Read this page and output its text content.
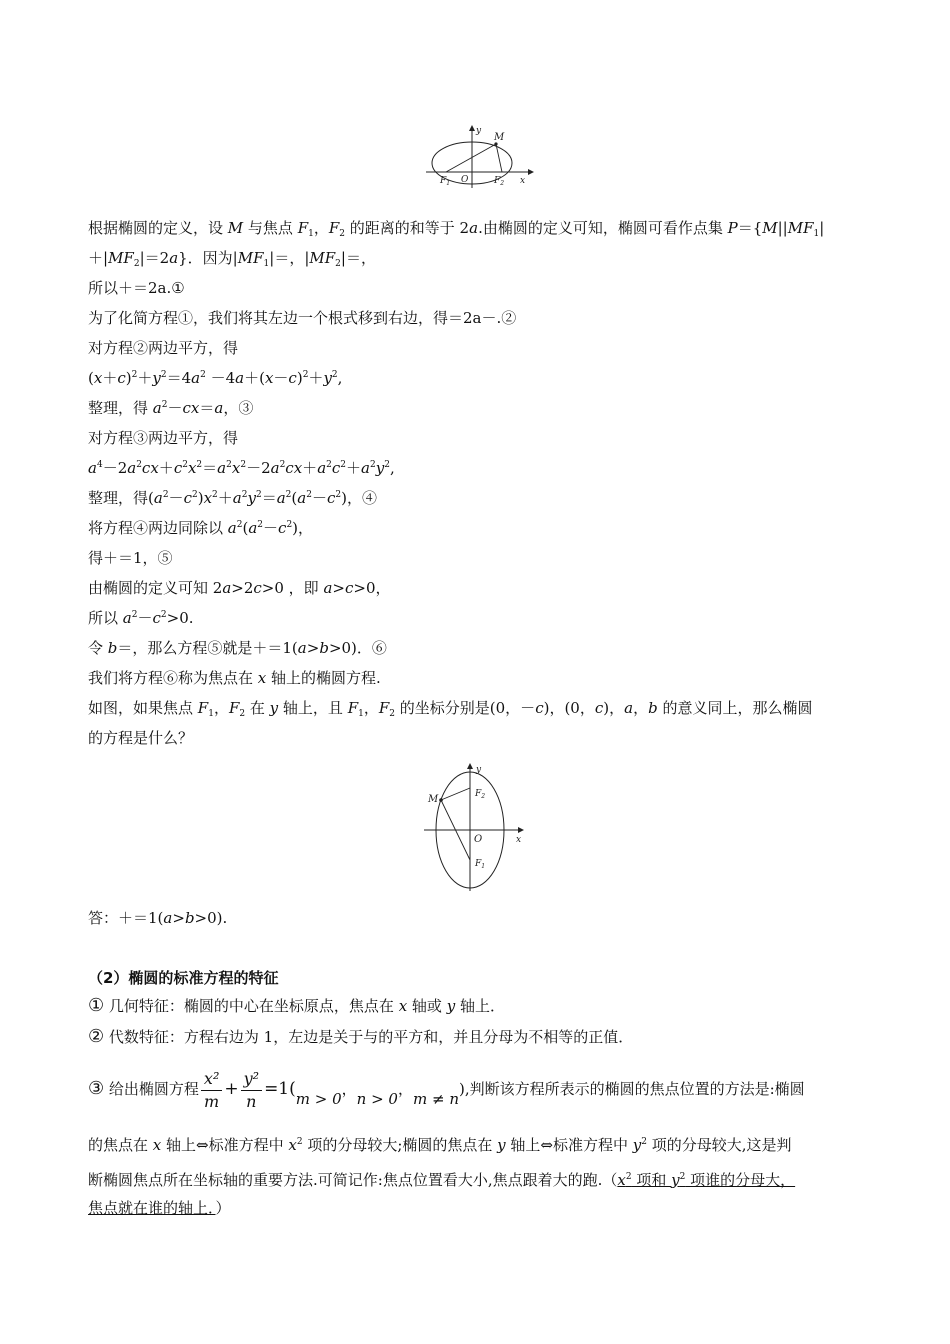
y
M
$F_1$ O	$F_2$ x
根据椭圆的定义，设 M 与焦点 $F_1$，$F_2$ 的距离的和等于 2a.由椭圆的定义可知，椭圆可看作点集 $P=\{M||MF_1|$
$+|MF_2|=2a$}．因为$|MF_1|=$，$|MF_2|=$，
所以＋＝2a.①
为了化简方程①，我们将其左边一个根式移到右边，得＝2a－.②
对方程②两边平方，得
$(x+c)^2+y^2=4a^2 -4a+(x-c)^2+y^2$,
整理，得 $a^2-cx=a$，③
对方程③两边平方，得
$a^4-2a^2cx+c^2x^2=a^2x^2-2a^2cx+a^2c^2+a^2y^2$,
整理，得$(a^2-c^2)x^2+a^2y^2=a^2(a^2-c^2)$，④
将方程④两边同除以 $a^2(a^2-c^2)$，
得＋＝1，⑤
由椭圆的定义可知 2a>2c>0 ，即 a>c>0，
所以 $a^2-c^2>0$.
令 b＝，那么方程⑤就是＋＝1(a>b>0)．⑥
我们将方程⑥称为焦点在 x 轴上的椭圆方程.
如图，如果焦点 $F_1$，$F_2$ 在 y 轴上，且 $F_1$，$F_2$ 的坐标分别是(0，－c)，(0，c)，a，b 的意义同上，那么椭圆
的方程是什么？
y
M	$F_2$
O	x
$F_1$
答：＋＝1(a>b>0).
（2）椭圆的标准方程的特征
① 几何特征：椭圆的中心在坐标原点，焦点在 x 轴或 y 轴上．
② 代数特征：方程右边为 1，左边是关于与的平方和，并且分母为不相等的正值．
③ 给出椭圆方程 $\frac{\text{x²}}{m} + \frac{\text{y²}}{n} =1(m > 0$，n > 0，m ≠ n),判断该方程所表示的椭圆的焦点位置的方法是:椭圆
的焦点在 x 轴上⇔标准方程中 $x^2$ 项的分母较大;椭圆的焦点在 y 轴上⇔标准方程中 $y^2$ 项的分母较大,这是判
断椭圆焦点所在坐标轴的重要方法.可简记作:焦点位置看大小,焦点跟着大的跑$.(x^2$ 项和 $y^2$ 项谁的分母大，
焦点就在谁的轴上．）
